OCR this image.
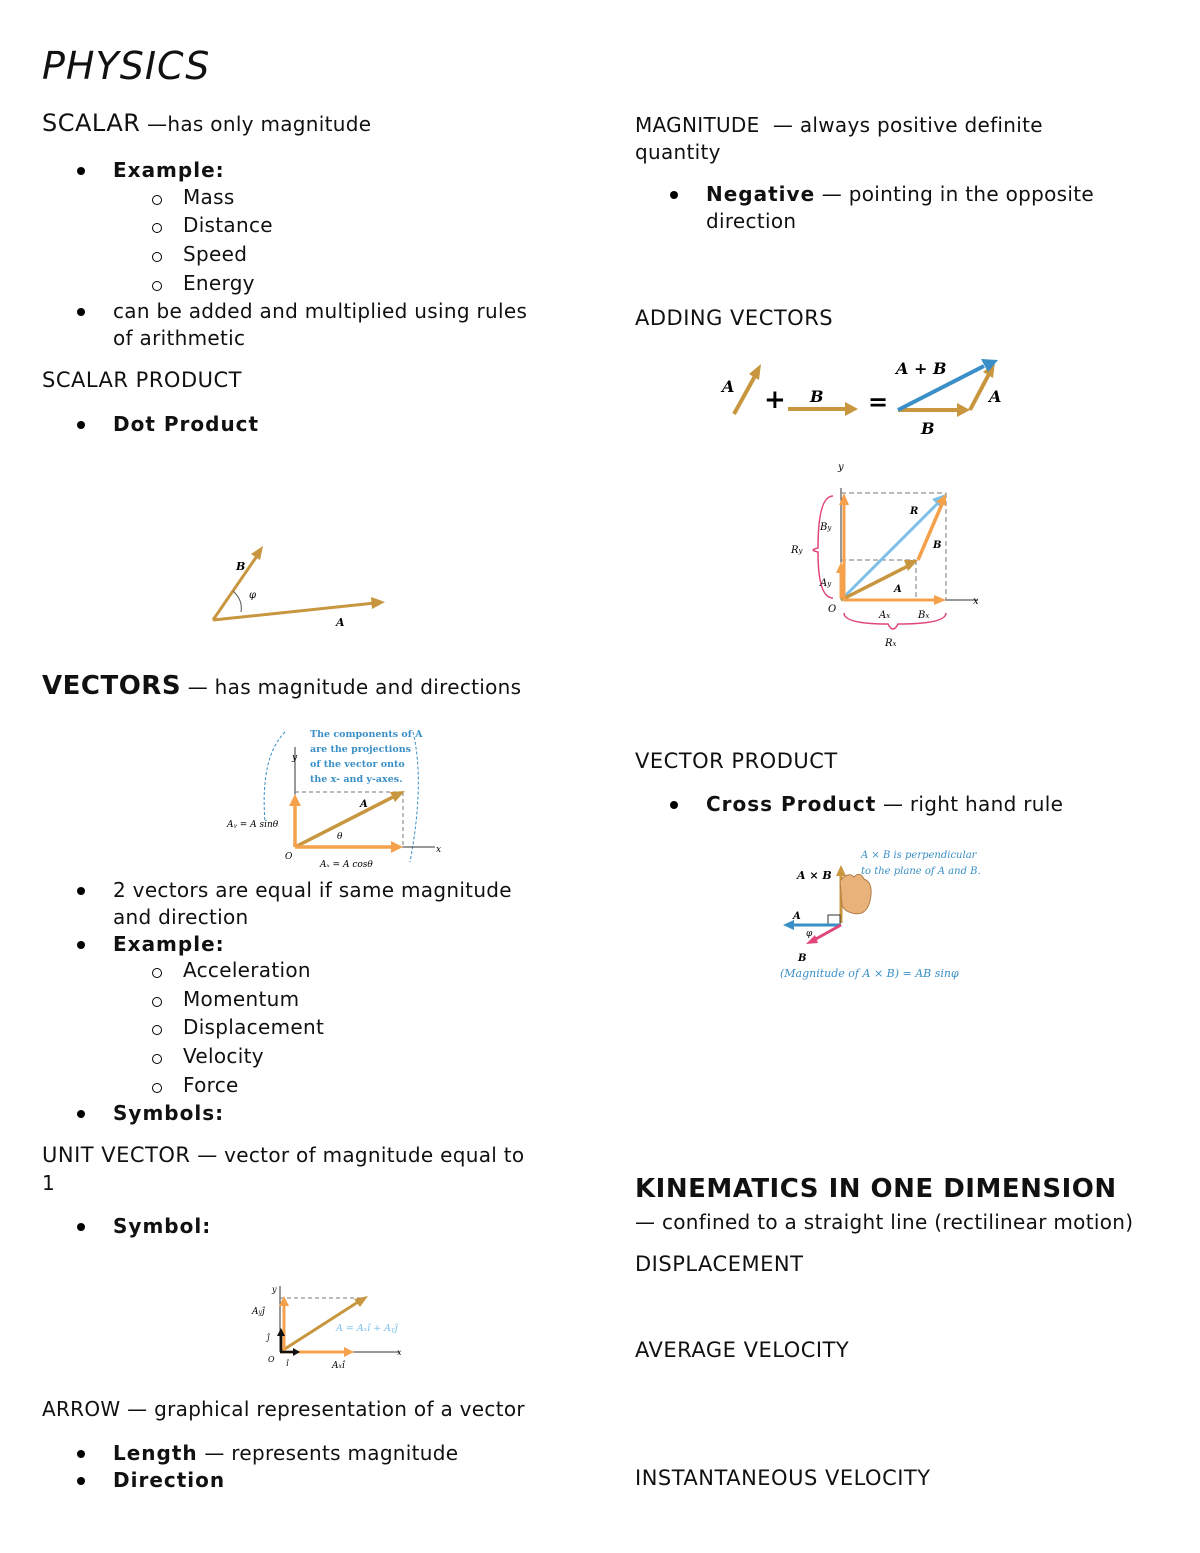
PHYSICS
SCALAR —has only magnitude
Example:
Mass
Distance
Speed
Energy
can be added and multiplied using rules
of arithmetic
SCALAR PRODUCT
Dot Product
B
φ
A
VECTORS — has magnitude and directions
The components of A are the projections of the vector onto the x- and y-axes.
y
x
O
A
θ
Aᵧ = A sinθ
Aₓ = A cosθ
2 vectors are equal if same magnitude
and direction
Example:
Acceleration
Momentum
Displacement
Velocity
Force
Symbols:
UNIT VECTOR — vector of magnitude equal to
1
Symbol:
y
x
O
Ayĵ
ĵ
î	Axî
A = Aₓî + Aᵧĵ
ARROW — graphical representation of a vector
Length — represents magnitude
Direction
MAGNITUDE  — always positive definite
quantity
Negative — pointing in the opposite
direction
ADDING VECTORS
A + B =
A + B
A
B
y
x
O
Ry
By
Ay
Ax	Bx
Rx
R
B
A
VECTOR PRODUCT
Cross Product — right hand rule
A × B is perpendicular to the plane of A and B.
A × B
A
φ
B
(Magnitude of A × B) = AB sinφ
KINEMATICS IN ONE DIMENSION
— confined to a straight line (rectilinear motion)
DISPLACEMENT
AVERAGE VELOCITY
INSTANTANEOUS VELOCITY
